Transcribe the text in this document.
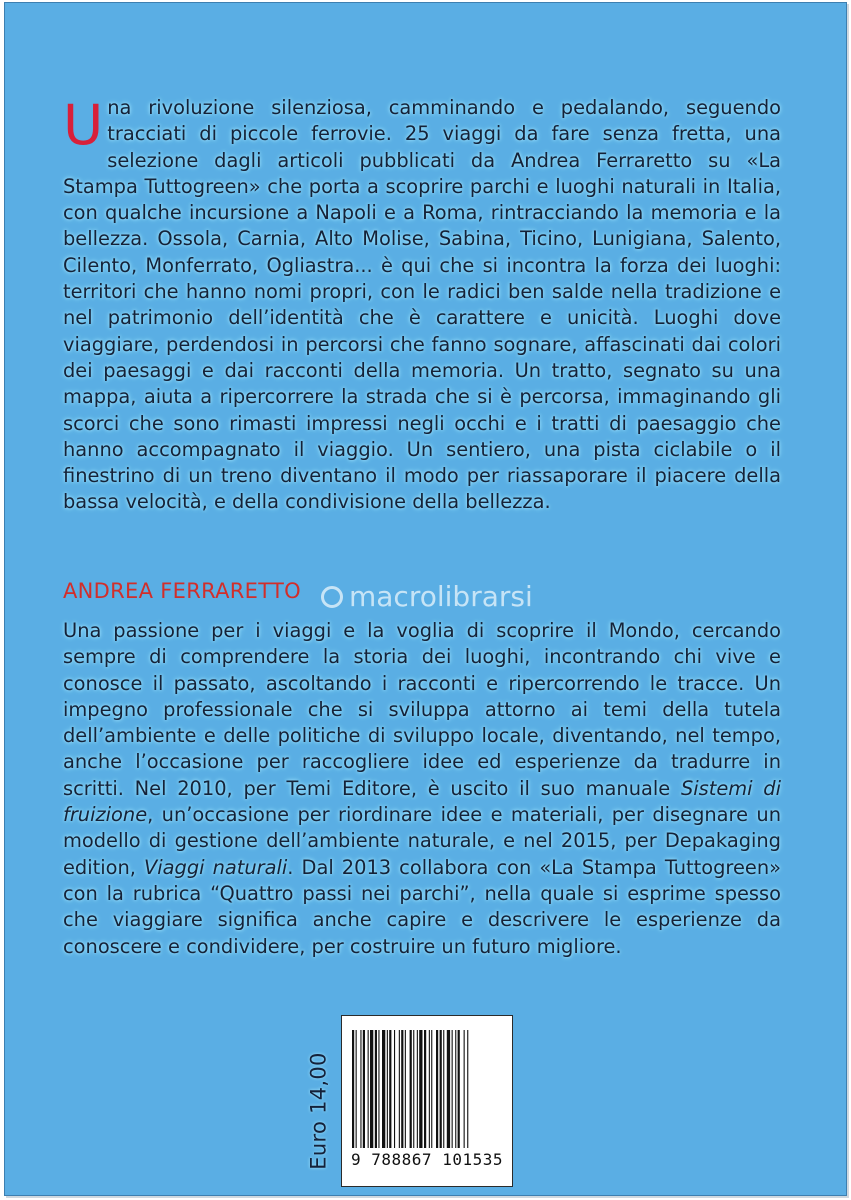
Una rivoluzione silenziosa, camminando e pedalando, seguendo tracciati di piccole ferrovie. 25 viaggi da fare senza fretta, una selezione dagli articoli pubblicati da Andrea Ferraretto su «La Stampa Tuttogreen» che porta a scoprire parchi e luoghi naturali in Italia, con qualche incursione a Napoli e a Roma, rintracciando la memoria e la bellezza. Ossola, Carnia, Alto Molise, Sabina, Ticino, Lunigiana, Salento, Cilento, Monferrato, Ogliastra... è qui che si incontra la forza dei luoghi: territori che hanno nomi propri, con le radici ben salde nella tradizione e nel patrimonio dell’identità che è carattere e unicità. Luoghi dove viaggiare, perdendosi in percorsi che fanno sognare, affascinati dai colori dei paesaggi e dai racconti della memoria. Un tratto, segnato su una mappa, aiuta a ripercorrere la strada che si è percorsa, immaginando gli scorci che sono rimasti impressi negli occhi e i tratti di paesaggio che hanno accompagnato il viaggio. Un sentiero, una pista ciclabile o il finestrino di un treno diventano il modo per riassaporare il piacere della bassa velocità, e della condivisione della bellezza.
ANDREA FERRARETTO macrolibrarsi
Una passione per i viaggi e la voglia di scoprire il Mondo, cercando sempre di comprendere la storia dei luoghi, incontrando chi vive e conosce il passato, ascoltando i racconti e ripercorrendo le tracce. Un impegno professionale che si sviluppa attorno ai temi della tutela dell’ambiente e delle politiche di sviluppo locale, diventando, nel tempo, anche l’occasione per raccogliere idee ed esperienze da tradurre in scritti. Nel 2010, per Temi Editore, è uscito il suo manuale Sistemi di fruizione, un’occasione per riordinare idee e materiali, per disegnare un modello di gestione dell’ambiente naturale, e nel 2015, per Depakaging edition, Viaggi naturali. Dal 2013 collabora con «La Stampa Tuttogreen» con la rubrica “Quattro passi nei parchi”, nella quale si esprime spesso che viaggiare significa anche capire e descrivere le esperienze da conoscere e condividere, per costruire un futuro migliore.
Euro 14,00	9 788867 101535
